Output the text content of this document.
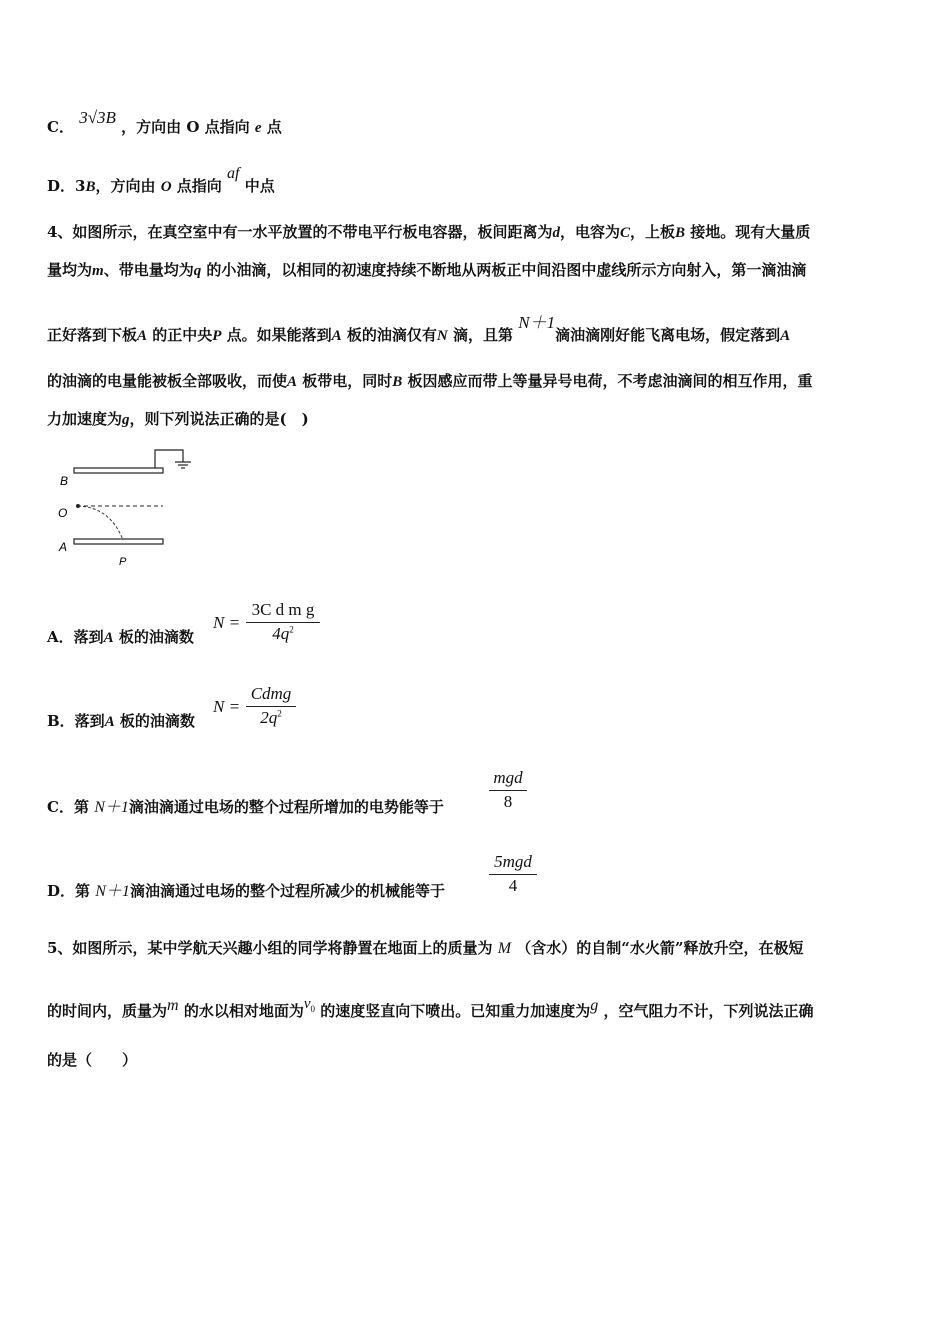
C． 3√3B ，方向由 O 点指向 e 点
D．3B，方向由 O 点指向 af 中点
4、如图所示，在真空室中有一水平放置的不带电平行板电容器，板间距离为d，电容为C，上板B 接地。现有大量质
量均为m、带电量均为q 的小油滴，以相同的初速度持续不断地从两板正中间沿图中虚线所示方向射入，第一滴油滴
正好落到下板A 的正中央P 点。如果能落到A 板的油滴仅有N 滴，且第 N＋1滴油滴刚好能飞离电场，假定落到A
的油滴的电量能被板全部吸收，而使A 板带电，同时B 板因感应而带上等量异号电荷，不考虑油滴间的相互作用，重
力加速度为g，则下列说法正确的是(　)
B
O
A
P
A．落到A 板的油滴数
$N = \frac{\text{3C d m g}}{4q^2}$
B．落到A 板的油滴数
N =
Cdmg
$2q^2$
C．第 N＋1滴油滴通过电场的整个过程所增加的电势能等于
mgd
8
D．第 N＋1滴油滴通过电场的整个过程所减少的机械能等于
5mgd
4
5、如图所示，某中学航天兴趣小组的同学将静置在地面上的质量为 M （含水）的自制“水火箭”释放升空，在极短
的时间内，质量为m 的水以相对地面为$v_0$ 的速度竖直向下喷出。已知重力加速度为g ，空气阻力不计，下列说法正确
的是（　　）
